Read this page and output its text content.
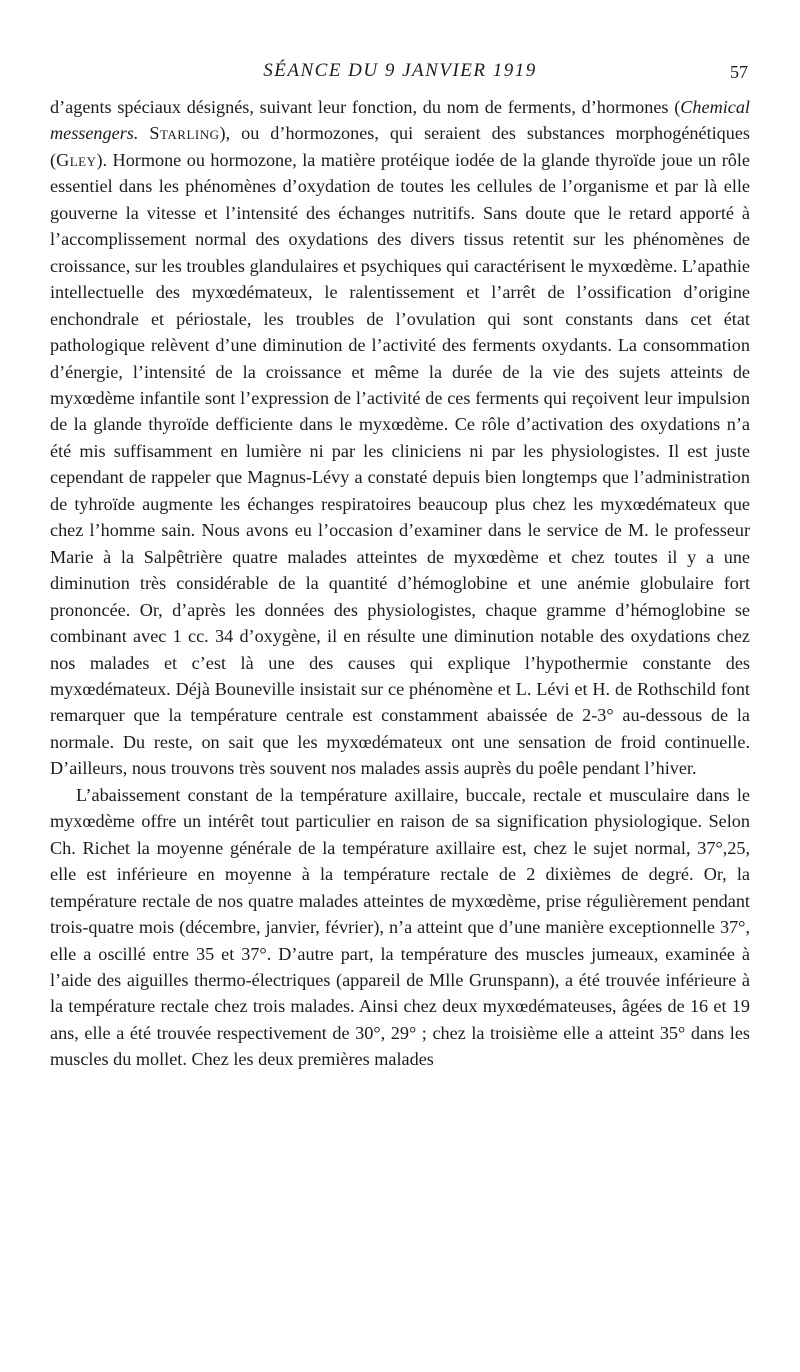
SÉANCE DU 9 JANVIER 1919	57

d’agents spéciaux désignés, suivant leur fonction, du nom de ferments, d’hormones (Chemical messengers. Starling), ou d’hormozones, qui seraient des substances morphogénétiques (Gley). Hormone ou hormozone, la matière protéique iodée de la glande thyroïde joue un rôle essentiel dans les phénomènes d’oxydation de toutes les cellules de l’organisme et par là elle gouverne la vitesse et l’intensité des échanges nutritifs. Sans doute que le retard apporté à l’accomplissement normal des oxydations des divers tissus retentit sur les phénomènes de croissance, sur les troubles glandulaires et psychiques qui caractérisent le myxœdème. L’apathie intellectuelle des myxœdémateux, le ralentissement et l’arrêt de l’ossification d’origine enchondrale et périostale, les troubles de l’ovulation qui sont constants dans cet état pathologique relèvent d’une diminution de l’activité des ferments oxydants. La consommation d’énergie, l’intensité de la croissance et même la durée de la vie des sujets atteints de myxœdème infantile sont l’expression de l’activité de ces ferments qui reçoivent leur impulsion de la glande thyroïde defficiente dans le myxœdème. Ce rôle d’activation des oxydations n’a été mis suffisamment en lumière ni par les cliniciens ni par les physiologistes. Il est juste cependant de rappeler que Magnus-Lévy a constaté depuis bien longtemps que l’administration de tyhroïde augmente les échanges respiratoires beaucoup plus chez les myxœdémateux que chez l’homme sain. Nous avons eu l’occasion d’examiner dans le service de M. le professeur Marie à la Salpêtrière quatre malades atteintes de myxœdème et chez toutes il y a une diminution très considérable de la quantité d’hémoglobine et une anémie globulaire fort prononcée. Or, d’après les données des physiologistes, chaque gramme d’hémoglobine se combinant avec 1 cc. 34 d’oxygène, il en résulte une diminution notable des oxydations chez nos malades et c’est là une des causes qui explique l’hypothermie constante des myxœdémateux. Déjà Bouneville insistait sur ce phénomène et L. Lévi et H. de Rothschild font remarquer que la température centrale est constamment abaissée de 2-3° au-dessous de la normale. Du reste, on sait que les myxœdémateux ont une sensation de froid continuelle. D’ailleurs, nous trouvons très souvent nos malades assis auprès du poêle pendant l’hiver.

L’abaissement constant de la température axillaire, buccale, rectale et musculaire dans le myxœdème offre un intérêt tout particulier en raison de sa signification physiologique. Selon Ch. Richet la moyenne générale de la température axillaire est, chez le sujet normal, 37°,25, elle est inférieure en moyenne à la température rectale de 2 dixièmes de degré. Or, la température rectale de nos quatre malades atteintes de myxœdème, prise régulièrement pendant trois-quatre mois (décembre, janvier, février), n’a atteint que d’une manière exceptionnelle 37°, elle a oscillé entre 35 et 37°. D’autre part, la température des muscles jumeaux, examinée à l’aide des aiguilles thermo-électriques (appareil de Mlle Grunspann), a été trouvée inférieure à la température rectale chez trois malades. Ainsi chez deux myxœdémateuses, âgées de 16 et 19 ans, elle a été trouvée respectivement de 30°, 29° ; chez la troisième elle a atteint 35° dans les muscles du mollet. Chez les deux premières malades
